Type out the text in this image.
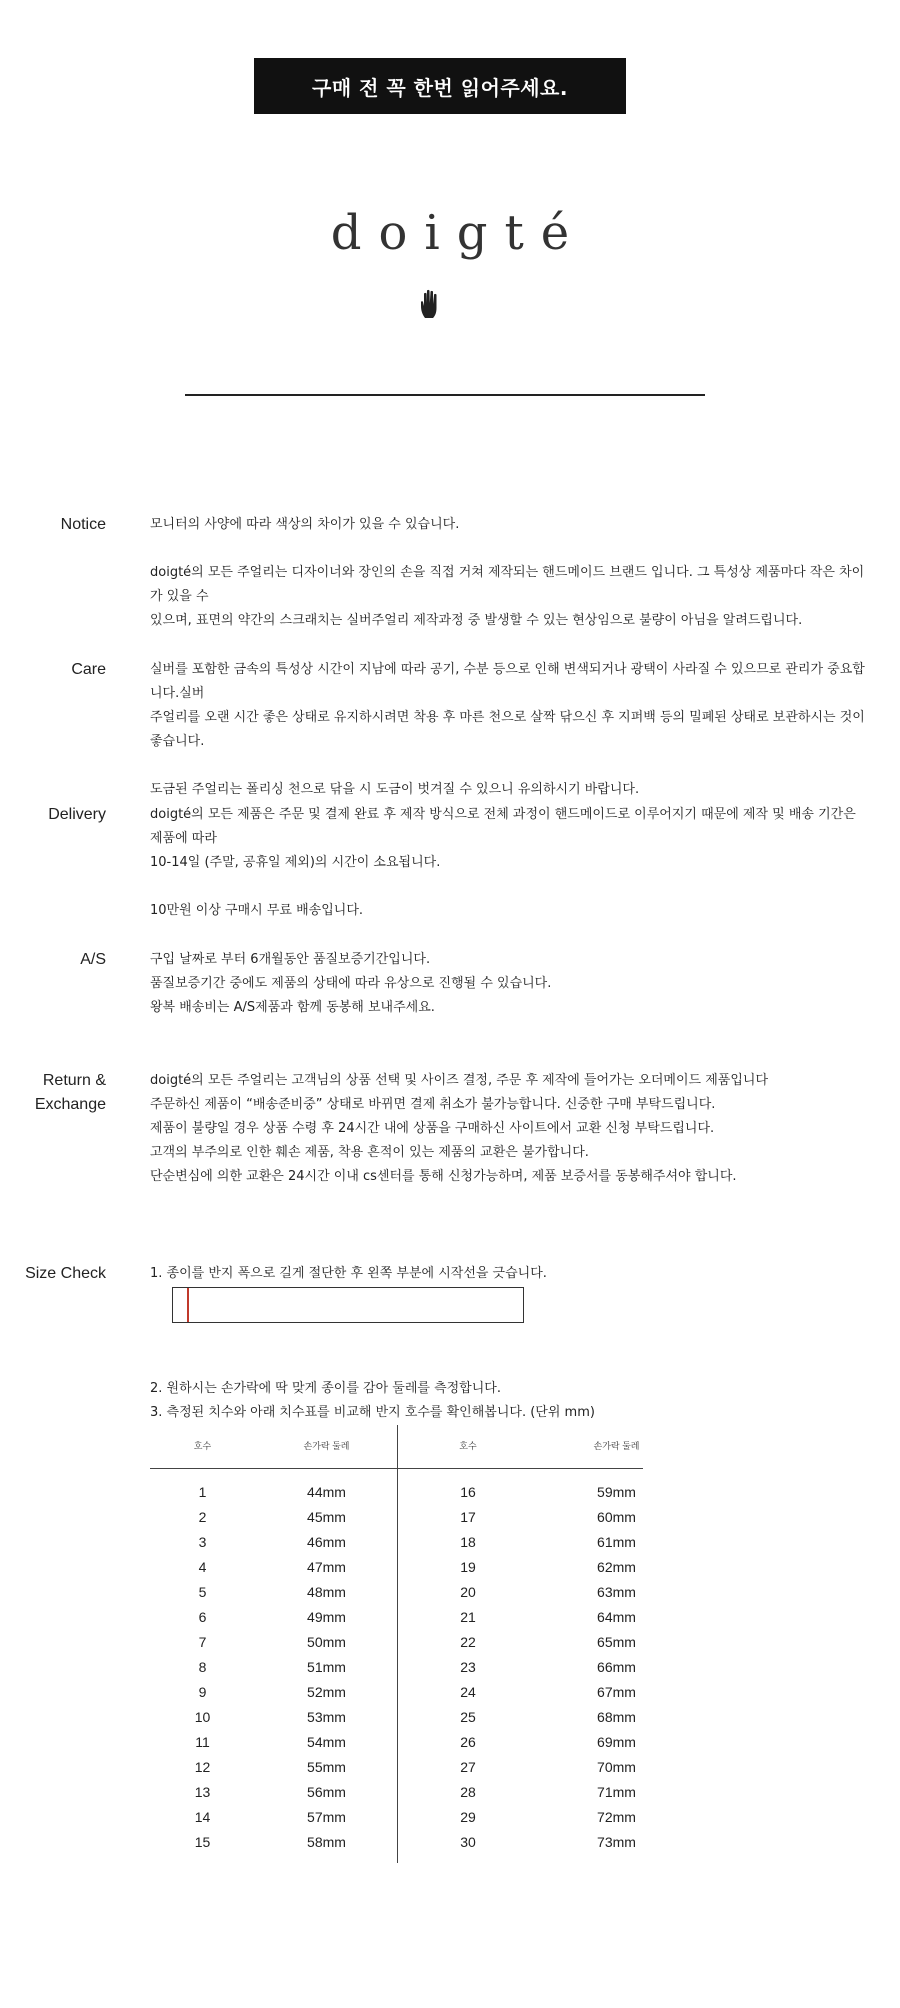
구매 전 꼭 한번 읽어주세요.
doigté
Notice	모니터의 사양에 따라 색상의 차이가 있을 수 있습니다.

doigté의 모든 주얼리는 디자이너와 장인의 손을 직접 거쳐 제작되는 핸드메이드 브랜드 입니다. 그 특성상 제품마다 작은 차이가 있을 수

있으며, 표면의 약간의 스크래치는 실버주얼리 제작과정 중 발생할 수 있는 현상임으로 불량이 아님을 알려드립니다.

Care	실버를 포함한 금속의 특성상 시간이 지남에 따라 공기, 수분 등으로 인해 변색되거나 광택이 사라질 수 있으므로 관리가 중요합니다.실버

주얼리를 오랜 시간 좋은 상태로 유지하시려면 착용 후 마른 천으로 살짝 닦으신 후 지퍼백 등의 밀폐된 상태로 보관하시는 것이 좋습니다.

도금된 주얼리는 폴리싱 천으로 닦을 시 도금이 벗겨질 수 있으니 유의하시기 바랍니다.

Delivery	doigté의 모든 제품은 주문 및 결제 완료 후 제작 방식으로 전체 과정이 핸드메이드로 이루어지기 때문에 제작 및 배송 기간은 제품에 따라

10-14일 (주말, 공휴일 제외)의 시간이 소요됩니다.

10만원 이상 구매시 무료 배송입니다.

A/S	구입 날짜로 부터 6개월동안 품질보증기간입니다.

품질보증기간 중에도 제품의 상태에 따라 유상으로 진행될 수 있습니다.

왕복 배송비는 A/S제품과 함께 동봉해 보내주세요.

Return &
Exchange

doigté의 모든 주얼리는 고객님의 상품 선택 및 사이즈 결정, 주문 후 제작에 들어가는 오더메이드 제품입니다

주문하신 제품이 “배송준비중” 상태로 바뀌면 결제 취소가 불가능합니다. 신중한 구매 부탁드립니다.

제품이 불량일 경우 상품 수령 후 24시간 내에 상품을 구매하신 사이트에서 교환 신청 부탁드립니다.

고객의 부주의로 인한 훼손 제품, 착용 흔적이 있는 제품의 교환은 불가합니다.

단순변심에 의한 교환은 24시간 이내 cs센터를 통해 신청가능하며, 제품 보증서를 동봉해주셔야 합니다.

Size Check	1. 종이를 반지 폭으로 길게 절단한 후 왼쪽 부분에 시작선을 긋습니다.

2. 원하시는 손가락에 딱 맞게 종이를 감아 둘레를 측정합니다.

3. 측정된 치수와 아래 치수표를 비교해 반지 호수를 확인해봅니다. (단위 mm)

호수	손가락 둘레	호수	손가락 둘레

1	44mm	16	59mm
2	45mm	17	60mm
3	46mm	18	61mm
4	47mm	19	62mm
5	48mm	20	63mm
6	49mm	21	64mm
7	50mm	22	65mm
8	51mm	23	66mm
9	52mm	24	67mm
10	53mm	25	68mm
11	54mm	26	69mm
12	55mm	27	70mm
13	56mm	28	71mm
14	57mm	29	72mm
15	58mm	30	73mm
